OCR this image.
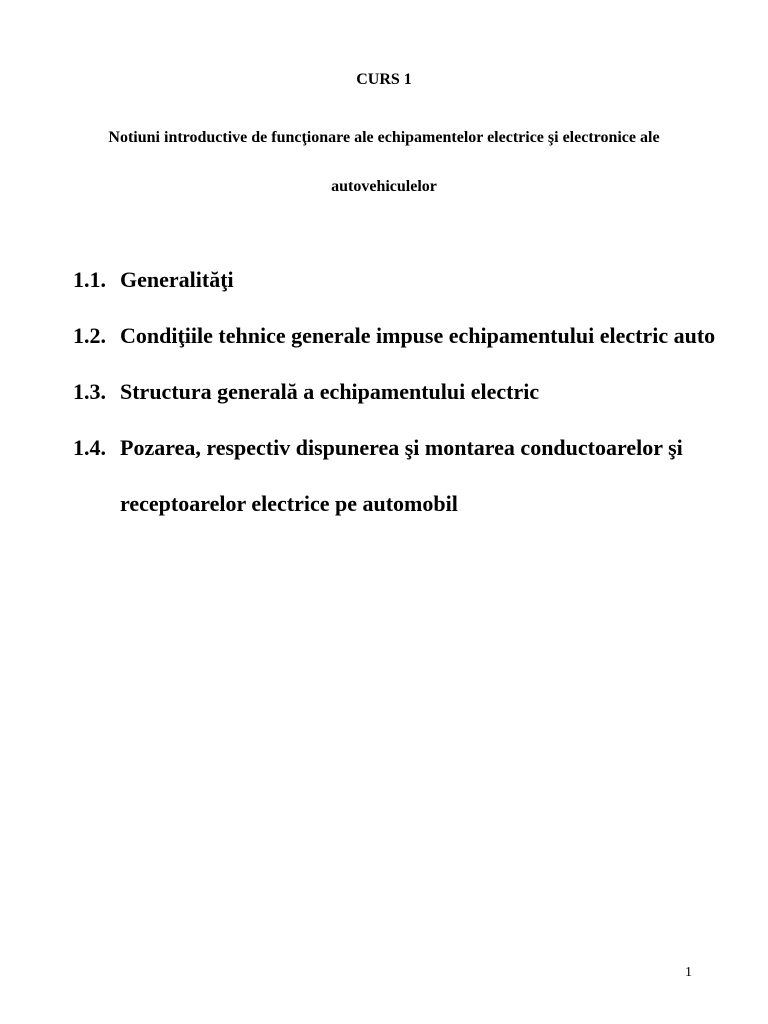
CURS 1
Notiuni introductive de funcţionare ale echipamentelor electrice şi electronice ale autovehiculelor
1.1. Generalităţi
1.2. Condiţiile tehnice generale impuse echipamentului electric auto
1.3. Structura generală a echipamentului electric
1.4. Pozarea, respectiv dispunerea şi montarea conductoarelor şi receptoarelor electrice pe automobil
1
